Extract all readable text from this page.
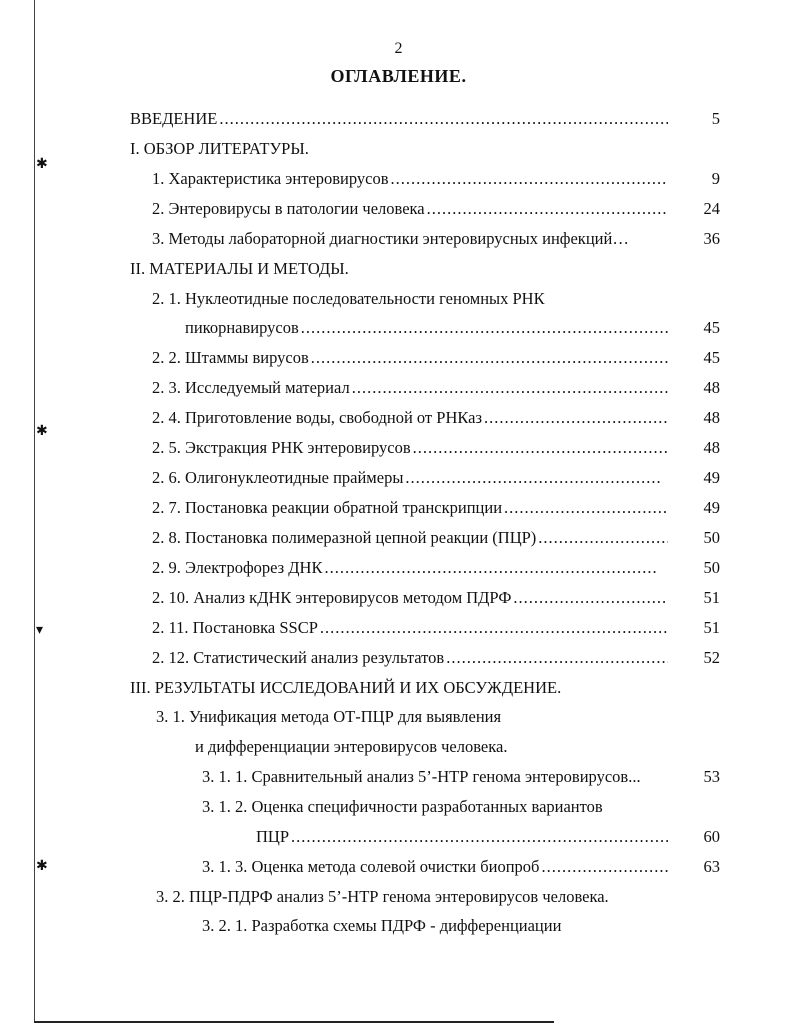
✱
✱
▾
✱
2
ОГЛАВЛЕНИЕ.
ВВЕДЕНИЕ .....	5
I. ОБЗОР ЛИТЕРАТУРЫ.
1. Характеристика энтеровирусов .....	9
2. Энтеровирусы в патологии человека .....	24
3. Методы лабораторной диагностики энтеровирусных инфекций…	36
II. МАТЕРИАЛЫ И МЕТОДЫ.
2. 1. Нуклеотидные последовательности геномных РНК
пикорнавирусов .....	45
2. 2. Штаммы вирусов .....	45
2. 3. Исследуемый материал .....	48
2. 4. Приготовление воды, свободной от РНКаз .....	48
2. 5. Экстракция РНК энтеровирусов .....	48
2. 6. Олигонуклеотидные праймеры .....	49
2. 7. Постановка реакции обратной транскрипции .....	49
2. 8. Постановка полимеразной цепной реакции (ПЦР) .....	50
2. 9. Электрофорез ДНК .....	50
2. 10. Анализ кДНК энтеровирусов методом ПДРФ .....	51
2. 11. Постановка SSCP .....	51
2. 12. Статистический анализ результатов .....	52
III. РЕЗУЛЬТАТЫ ИССЛЕДОВАНИЙ И ИХ ОБСУЖДЕНИЕ.
3. 1. Унификация метода ОТ-ПЦР для выявления
и дифференциации энтеровирусов человека.
3. 1. 1. Сравнительный анализ 5’-НТР генома энтеровирусов...	53
3. 1. 2. Оценка специфичности разработанных вариантов
ПЦР .....	60
3. 1. 3. Оценка метода солевой очистки биопроб .....	63
3. 2. ПЦР-ПДРФ анализ 5’-НТР генома энтеровирусов человека.
3. 2. 1. Разработка схемы ПДРФ - дифференциации
